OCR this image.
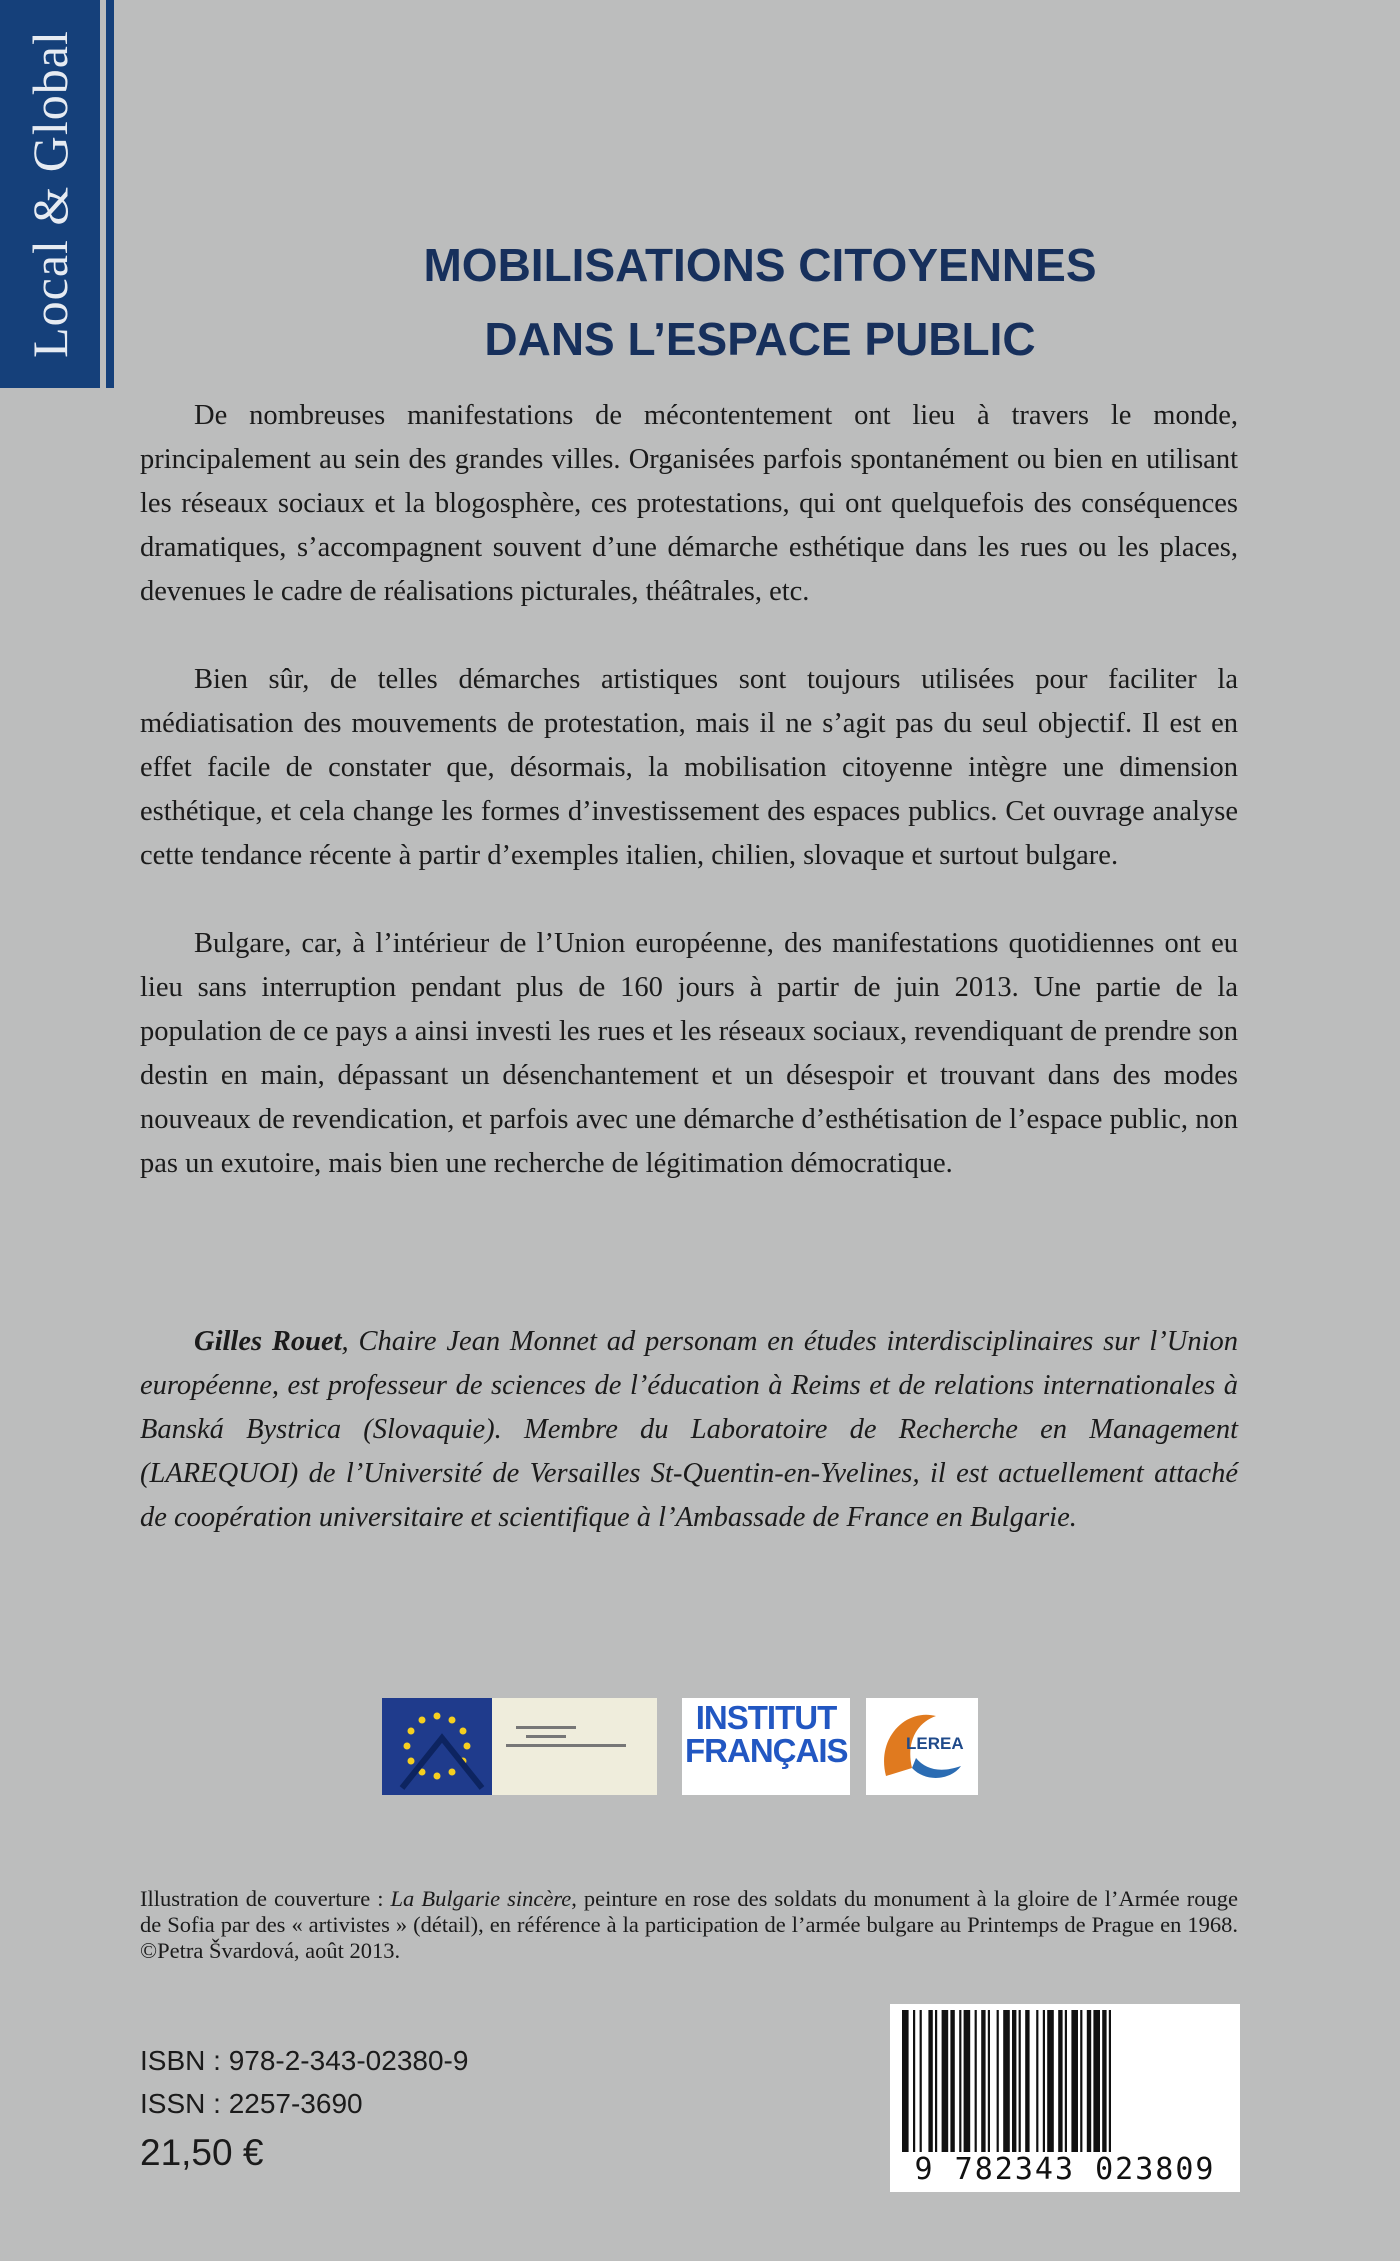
Local & Global	MOBILISATIONS CITOYENNES
DANS L’ESPACE PUBLIC

De nombreuses manifestations de mécontentement ont lieu à travers le monde, principalement au sein des grandes villes. Organisées parfois spontanément ou bien en utilisant les réseaux sociaux et la blogosphère, ces protestations, qui ont quelquefois des conséquences dramatiques, s’accompagnent souvent d’une démarche esthétique dans les rues ou les places, devenues le cadre de réalisations picturales, théâtrales, etc.

Bien sûr, de telles démarches artistiques sont toujours utilisées pour faciliter la médiatisation des mouvements de protestation, mais il ne s’agit pas du seul objectif. Il est en effet facile de constater que, désormais, la mobilisation citoyenne intègre une dimension esthétique, et cela change les formes d’investissement des espaces publics. Cet ouvrage analyse cette tendance récente à partir d’exemples italien, chilien, slovaque et surtout bulgare.

Bulgare, car, à l’intérieur de l’Union européenne, des manifestations quotidiennes ont eu lieu sans interruption pendant plus de 160 jours à partir de juin 2013. Une partie de la population de ce pays a ainsi investi les rues et les réseaux sociaux, revendiquant de prendre son destin en main, dépassant un désenchantement et un désespoir et trouvant dans des modes nouveaux de revendication, et parfois avec une démarche d’esthétisation de l’espace public, non pas un exutoire, mais bien une recherche de légitimation démocratique.

Gilles Rouet, Chaire Jean Monnet ad personam en études interdisciplinaires sur l’Union européenne, est professeur de sciences de l’éducation à Reims et de relations internationales à Banská Bystrica (Slovaquie). Membre du Laboratoire de Recherche en Management (LAREQUOI) de l’Université de Versailles St-Quentin-en-Yvelines, il est actuellement attaché de coopération universitaire et scientifique à l’Ambassade de France en Bulgarie.

INSTITUT
FRANÇAIS	LEREA

Illustration de couverture : La Bulgarie sincère, peinture en rose des soldats du monument à la gloire de l’Armée rouge de Sofia par des « artivistes » (détail), en référence à la participation de l’armée bulgare au Printemps de Prague en 1968. ©Petra Švardová, août 2013.

ISBN : 978-2-343-02380-9
ISSN : 2257-3690
21,50 €	9 782343 023809
